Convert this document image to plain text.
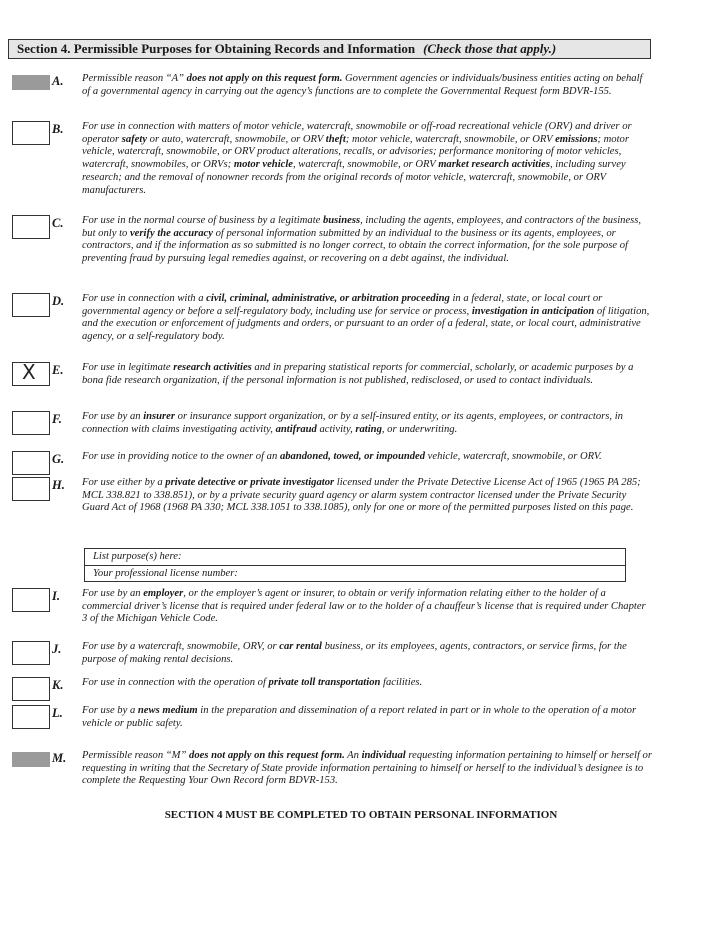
Section 4. Permissible Purposes for Obtaining Records and Information (Check those that apply.)
A. Permissible reason “A” does not apply on this request form. Government agencies or individuals/business entities acting on behalf of a governmental agency in carrying out the agency’s functions are to complete the Governmental Request form BDVR-155.
B. For use in connection with matters of motor vehicle, watercraft, snowmobile or off-road recreational vehicle (ORV) and driver or operator safety or auto, watercraft, snowmobile, or ORV theft; motor vehicle, watercraft, snowmobile, or ORV emissions; motor vehicle, watercraft, snowmobile, or ORV product alterations, recalls, or advisories; performance monitoring of motor vehicles, watercraft, snowmobiles, or ORVs; motor vehicle, watercraft, snowmobile, or ORV market research activities, including survey research; and the removal of nonowner records from the original records of motor vehicle, watercraft, snowmobile, or ORV manufacturers.
C. For use in the normal course of business by a legitimate business, including the agents, employees, and contractors of the business, but only to verify the accuracy of personal information submitted by an individual to the business or its agents, employees, or contractors, and if the information as so submitted is no longer correct, to obtain the correct information, for the sole purpose of preventing fraud by pursuing legal remedies against, or recovering on a debt against, the individual.
D. For use in connection with a civil, criminal, administrative, or arbitration proceeding in a federal, state, or local court or governmental agency or before a self-regulatory body, including use for service or process, investigation in anticipation of litigation, and the execution or enforcement of judgments and orders, or pursuant to an order of a federal, state, or local court, administrative agency, or a self-regulatory body.
X E. For use in legitimate research activities and in preparing statistical reports for commercial, scholarly, or academic purposes by a bona fide research organization, if the personal information is not published, redisclosed, or used to contact individuals.
F. For use by an insurer or insurance support organization, or by a self-insured entity, or its agents, employees, or contractors, in connection with claims investigating activity, antifraud activity, rating, or underwriting.
G. For use in providing notice to the owner of an abandoned, towed, or impounded vehicle, watercraft, snowmobile, or ORV.
H. For use either by a private detective or private investigator licensed under the Private Detective License Act of 1965 (1965 PA 285; MCL 338.821 to 338.851), or by a private security guard agency or alarm system contractor licensed under the Private Security Guard Act of 1968 (1968 PA 330; MCL 338.1051 to 338.1085), only for one or more of the permitted purposes listed on this page.
I. For use by an employer, or the employer’s agent or insurer, to obtain or verify information relating either to the holder of a commercial driver’s license that is required under federal law or to the holder of a chauffeur’s license that is required under Chapter 3 of the Michigan Vehicle Code.
J. For use by a watercraft, snowmobile, ORV, or car rental business, or its employees, agents, contractors, or service firms, for the purpose of making rental decisions.
K. For use in connection with the operation of private toll transportation facilities.
L. For use by a news medium in the preparation and dissemination of a report related in part or in whole to the operation of a motor vehicle or public safety.
M. Permissible reason “M” does not apply on this request form. An individual requesting information pertaining to himself or herself or requesting in writing that the Secretary of State provide information pertaining to himself or herself to the individual’s designee is to complete the Requesting Your Own Record form BDVR-153.
List purpose(s) here:
Your professional license number:
SECTION 4 MUST BE COMPLETED TO OBTAIN PERSONAL INFORMATION
